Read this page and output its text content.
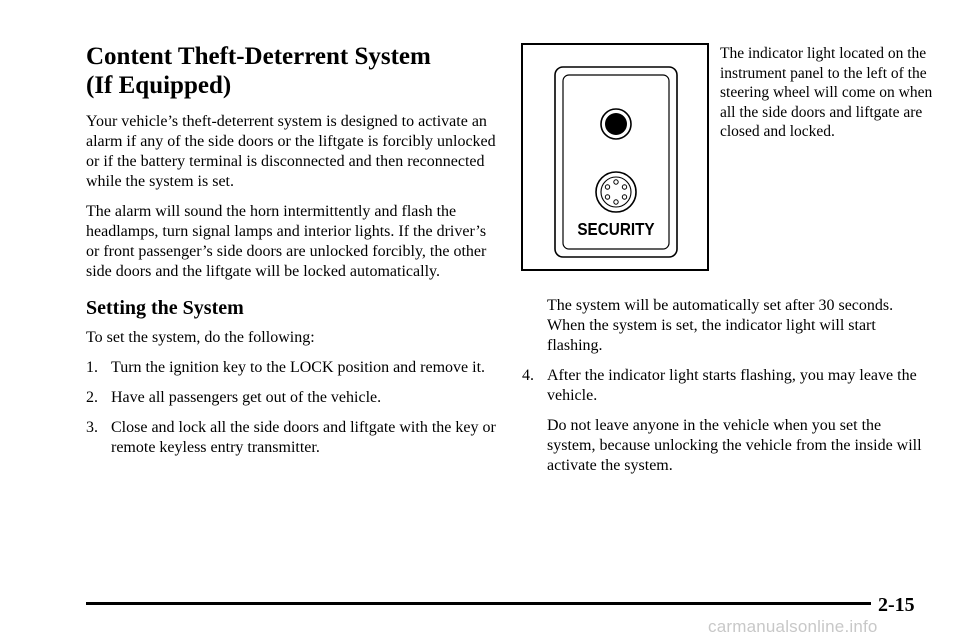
Content Theft-Deterrent System
(If Equipped)

Your vehicle’s theft-deterrent system is designed to activate an alarm if any of the side doors or the liftgate is forcibly unlocked or if the battery terminal is disconnected and then reconnected while the system is set.

The alarm will sound the horn intermittently and flash the headlamps, turn signal lamps and interior lights. If the driver’s or front passenger’s side doors are unlocked forcibly, the other side doors and the liftgate will be locked automatically.

Setting the System

To set the system, do the following:

1. Turn the ignition key to the LOCK position and remove it.
2. Have all passengers get out of the vehicle.
3. Close and lock all the side doors and liftgate with the key or remote keyless entry transmitter.
SECURITY
The indicator light located on the instrument panel to the left of the steering wheel will come on when all the side doors and liftgate are closed and locked.

The system will be automatically set after 30 seconds. When the system is set, the indicator light will start flashing.

4. After the indicator light starts flashing, you may leave the vehicle.

Do not leave anyone in the vehicle when you set the system, because unlocking the vehicle from the inside will activate the system.

2-15
carmanualsonline.info
